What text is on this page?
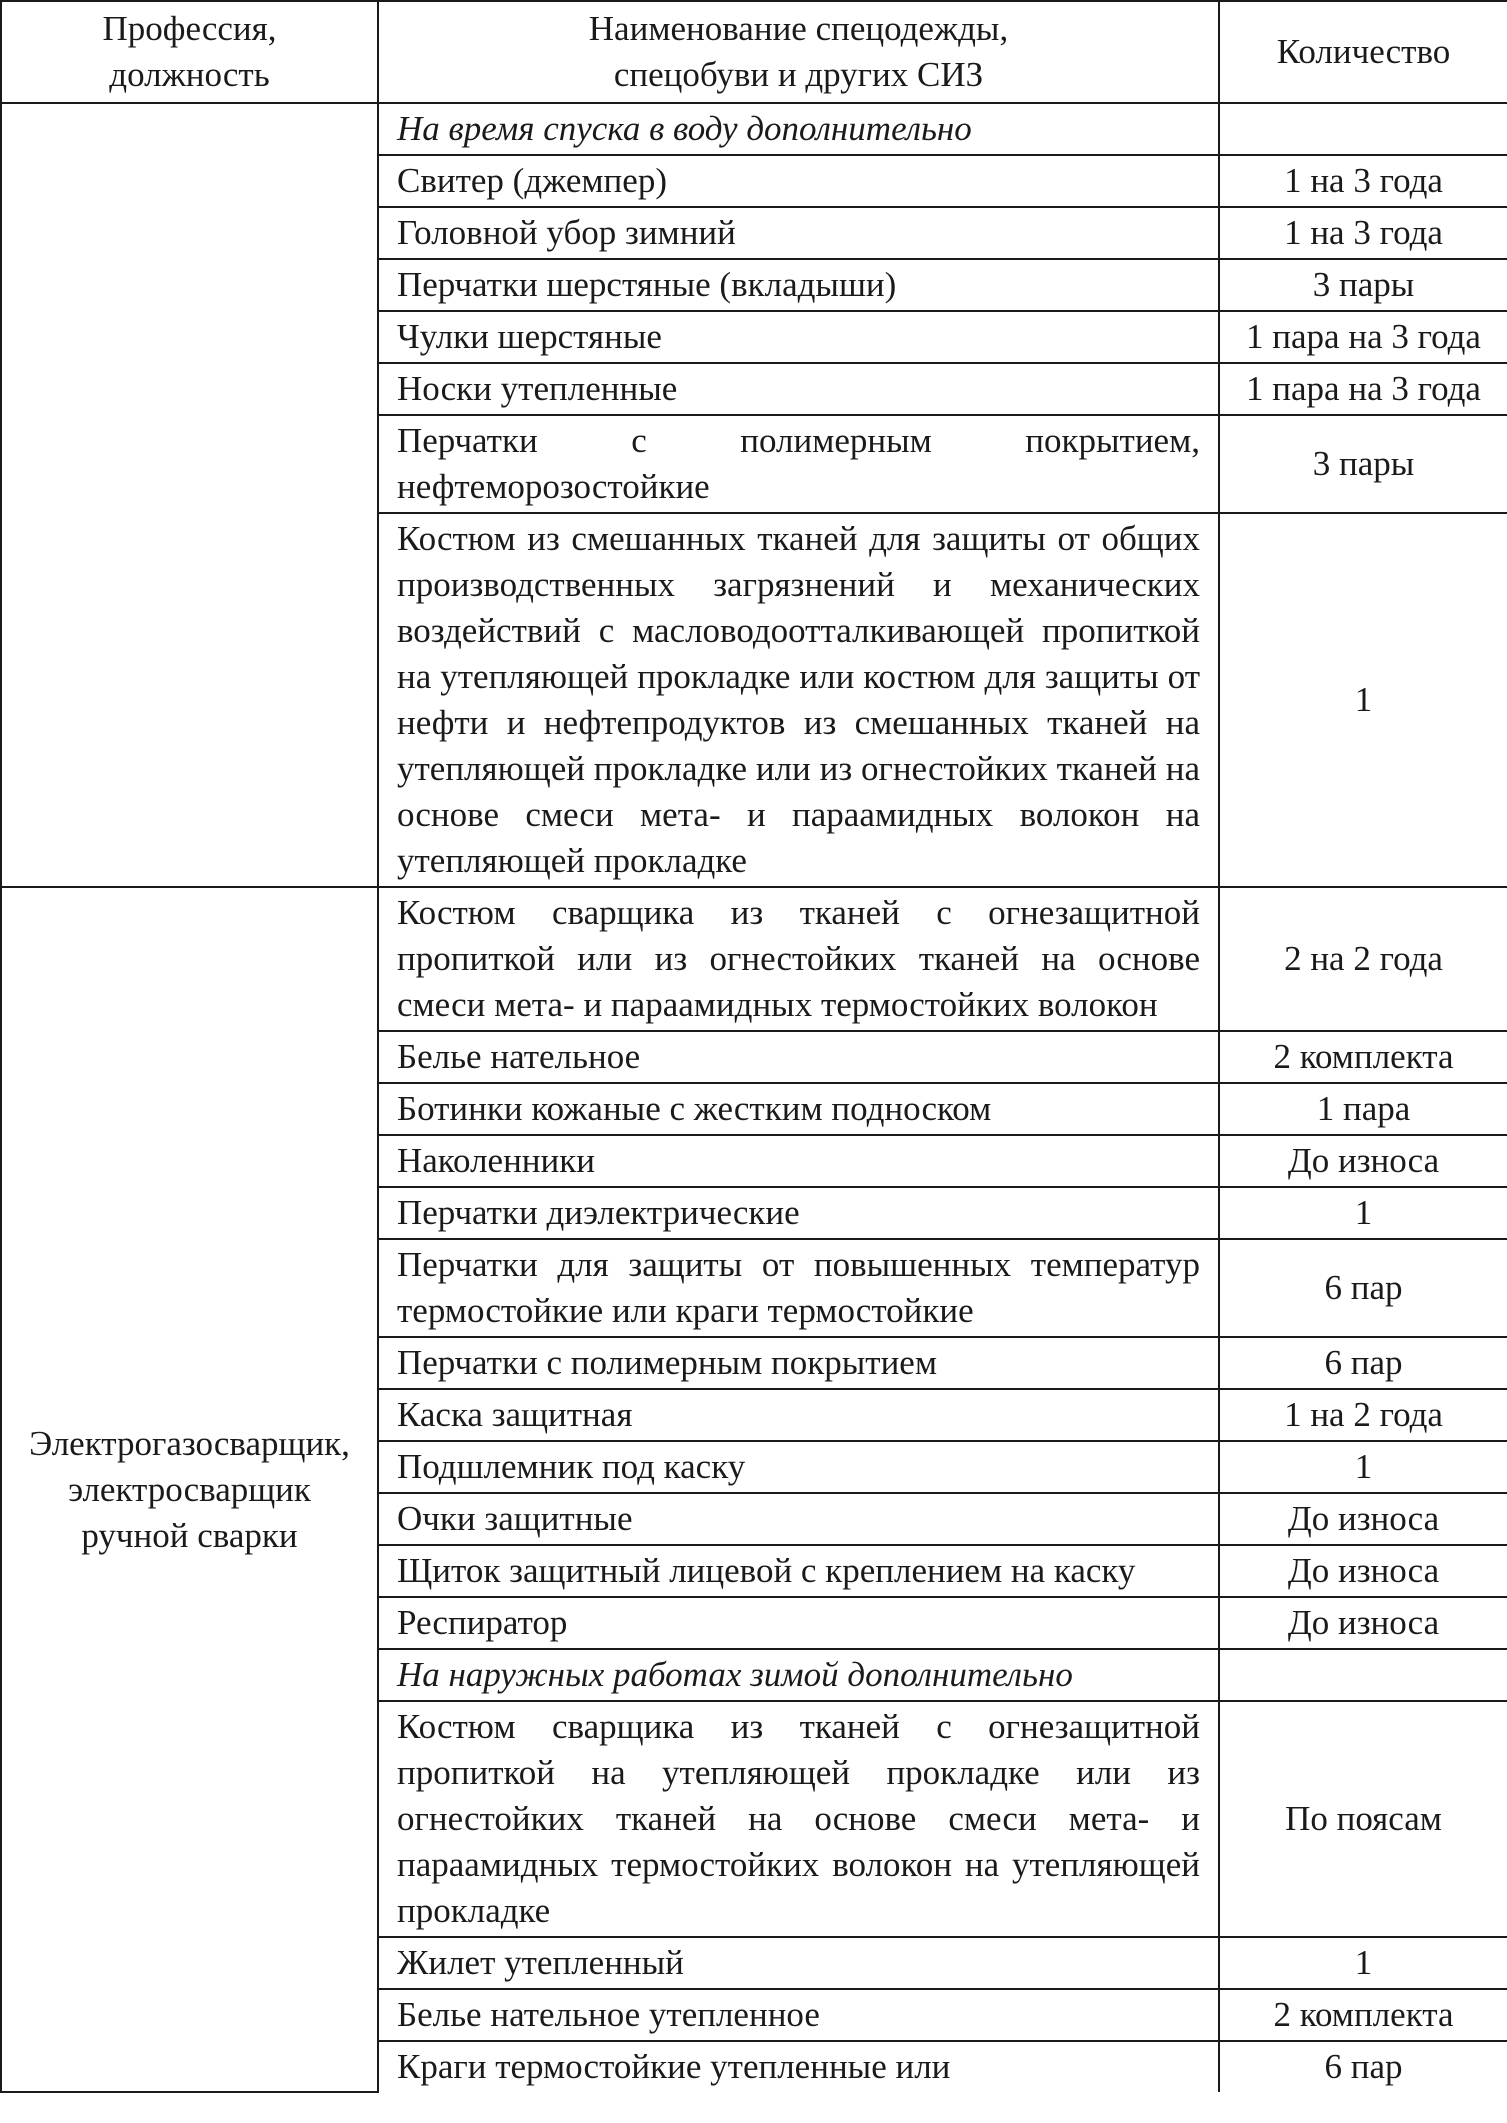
Профессия, должность	Наименование спецодежды, спецобуви и других СИЗ	Количество
	На время спуска в воду дополнительно	
	Свитер (джемпер)	1 на 3 года
	Головной убор зимний	1 на 3 года
	Перчатки шерстяные (вкладыши)	3 пары
	Чулки шерстяные	1 пара на 3 года
	Носки утепленные	1 пара на 3 года
	Перчатки с полимерным покрытием, нефтеморозостойкие	3 пары
	Костюм из смешанных тканей для защиты от общих производственных загрязнений и механических воздействий с масловодоотталкивающей пропиткой на утепляющей прокладке или костюм для защиты от нефти и нефтепродуктов из смешанных тканей на утепляющей прокладке или из огнестойких тканей на основе смеси мета- и параамидных волокон на утепляющей прокладке	1
Электрогазосварщик, электросварщик ручной сварки	Костюм сварщика из тканей с огнезащитной пропиткой или из огнестойких тканей на основе смеси мета- и параамидных термостойких волокон	2 на 2 года
	Белье нательное	2 комплекта
	Ботинки кожаные с жестким подноском	1 пара
	Наколенники	До износа
	Перчатки диэлектрические	1
	Перчатки для защиты от повышенных температур термостойкие или краги термостойкие	6 пар
	Перчатки с полимерным покрытием	6 пар
	Каска защитная	1 на 2 года
	Подшлемник под каску	1
	Очки защитные	До износа
	Щиток защитный лицевой с креплением на каску	До износа
	Респиратор	До износа
	На наружных работах зимой дополнительно	
	Костюм сварщика из тканей с огнезащитной пропиткой на утепляющей прокладке или из огнестойких тканей на основе смеси мета- и параамидных термостойких волокон на утепляющей прокладке	По поясам
	Жилет утепленный	1
	Белье нательное утепленное	2 комплекта
	Краги термостойкие утепленные или	6 пар
